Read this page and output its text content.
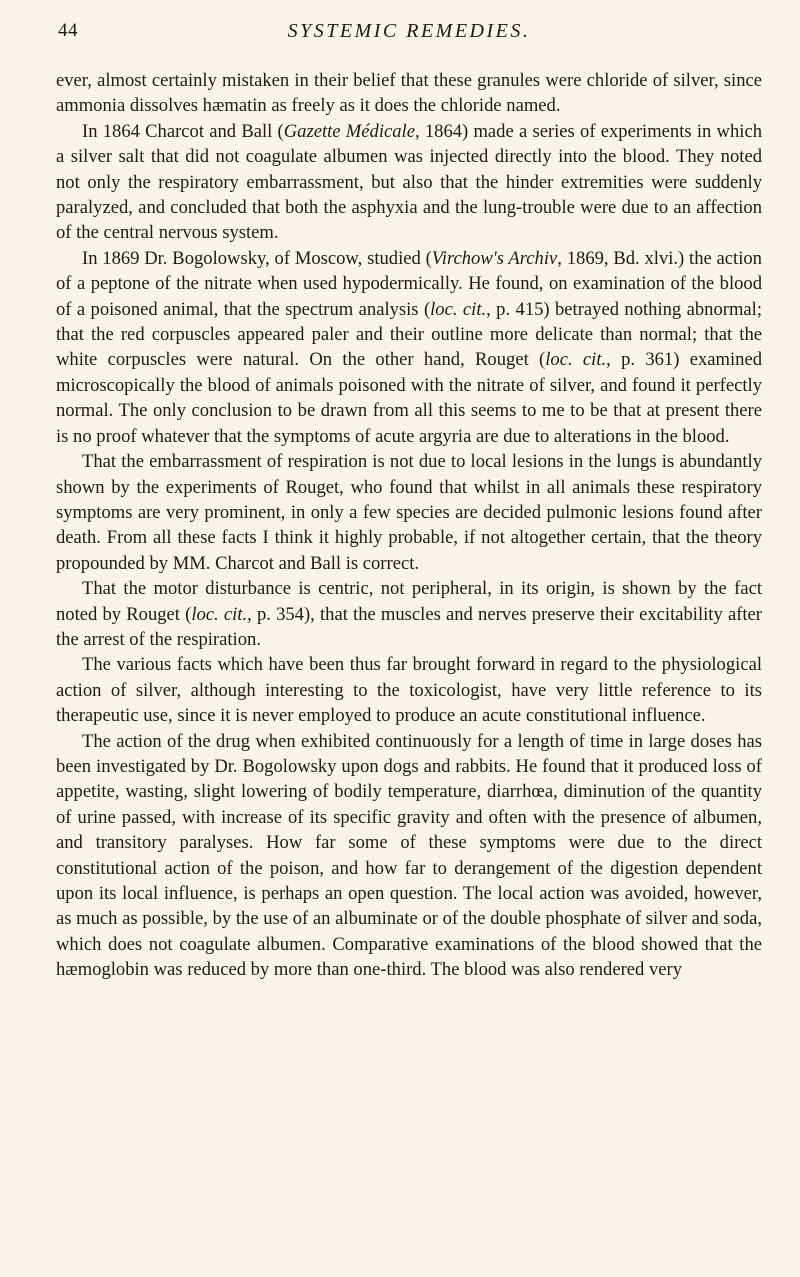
44	SYSTEMIC REMEDIES.

ever, almost certainly mistaken in their belief that these granules were chloride of silver, since ammonia dissolves hæmatin as freely as it does the chloride named.

In 1864 Charcot and Ball (Gazette Médicale, 1864) made a series of experiments in which a silver salt that did not coagulate albumen was injected directly into the blood. They noted not only the respiratory embarrassment, but also that the hinder extremities were suddenly paralyzed, and concluded that both the asphyxia and the lung-trouble were due to an affection of the central nervous system.

In 1869 Dr. Bogolowsky, of Moscow, studied (Virchow's Archiv, 1869, Bd. xlvi.) the action of a peptone of the nitrate when used hypodermically. He found, on examination of the blood of a poisoned animal, that the spectrum analysis (loc. cit., p. 415) betrayed nothing abnormal; that the red corpuscles appeared paler and their outline more delicate than normal; that the white corpuscles were natural. On the other hand, Rouget (loc. cit., p. 361) examined microscopically the blood of animals poisoned with the nitrate of silver, and found it perfectly normal. The only conclusion to be drawn from all this seems to me to be that at present there is no proof whatever that the symptoms of acute argyria are due to alterations in the blood.

That the embarrassment of respiration is not due to local lesions in the lungs is abundantly shown by the experiments of Rouget, who found that whilst in all animals these respiratory symptoms are very prominent, in only a few species are decided pulmonic lesions found after death. From all these facts I think it highly probable, if not altogether certain, that the theory propounded by MM. Charcot and Ball is correct.

That the motor disturbance is centric, not peripheral, in its origin, is shown by the fact noted by Rouget (loc. cit., p. 354), that the muscles and nerves preserve their excitability after the arrest of the respiration.

The various facts which have been thus far brought forward in regard to the physiological action of silver, although interesting to the toxicologist, have very little reference to its therapeutic use, since it is never employed to produce an acute constitutional influence.

The action of the drug when exhibited continuously for a length of time in large doses has been investigated by Dr. Bogolowsky upon dogs and rabbits. He found that it produced loss of appetite, wasting, slight lowering of bodily temperature, diarrhœa, diminution of the quantity of urine passed, with increase of its specific gravity and often with the presence of albumen, and transitory paralyses. How far some of these symptoms were due to the direct constitutional action of the poison, and how far to derangement of the digestion dependent upon its local influence, is perhaps an open question. The local action was avoided, however, as much as possible, by the use of an albuminate or of the double phosphate of silver and soda, which does not coagulate albumen. Comparative examinations of the blood showed that the hæmoglobin was reduced by more than one-third. The blood was also rendered very
